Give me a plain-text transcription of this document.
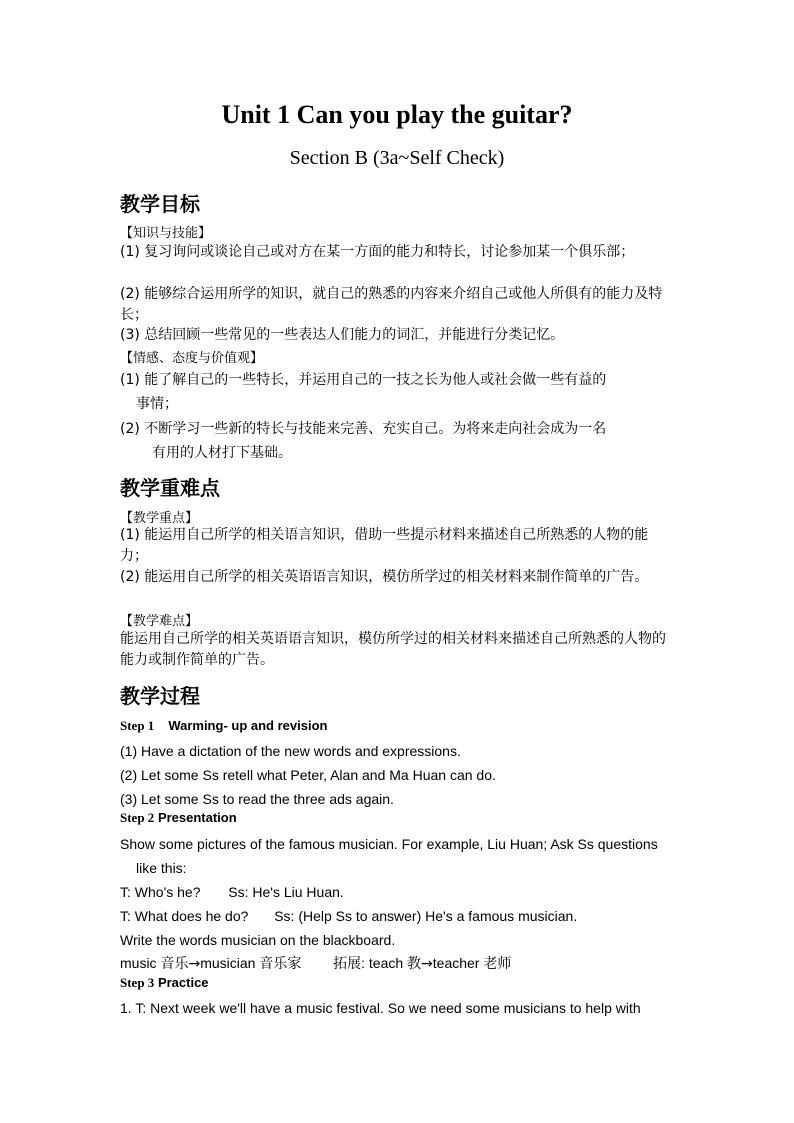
Unit 1 Can you play the guitar?
Section B (3a~Self Check)
教学目标
【知识与技能】
(1) 复习询问或谈论自己或对方在某一方面的能力和特长，讨论参加某一个俱乐部；
(2) 能够综合运用所学的知识，就自己的熟悉的内容来介绍自己或他人所俱有的能力及特长；
(3) 总结回顾一些常见的一些表达人们能力的词汇，并能进行分类记忆。
【情感、态度与价值观】
(1) 能了解自己的一些特长，并运用自己的一技之长为他人或社会做一些有益的
事情；
(2) 不断学习一些新的特长与技能来完善、充实自己。为将来走向社会成为一名
有用的人材打下基础。
教学重难点
【教学重点】
(1) 能运用自己所学的相关语言知识，借助一些提示材料来描述自己所熟悉的人物的能力；
(2) 能运用自己所学的相关英语语言知识，模仿所学过的相关材料来制作简单的广告。
【教学难点】
能运用自己所学的相关英语语言知识，模仿所学过的相关材料来描述自己所熟悉的人物的能力或制作简单的广告。
教学过程
Step 1 Warming- up and revision
(1) Have a dictation of the new words and expressions.
(2) Let some Ss retell what Peter, Alan and Ma Huan can do.
(3) Let some Ss to read the three ads again.
Step 2 Presentation
Show some pictures of the famous musician. For example, Liu Huan; Ask Ss questions
like this:
T: Who's he? Ss: He's Liu Huan.
T: What does he do? Ss: (Help Ss to answer) He's a famous musician.
Write the words musician on the blackboard.
music 音乐→musician 音乐家 拓展: teach 教→teacher 老师
Step 3 Practice
1. T: Next week we'll have a music festival. So we need some musicians to help with
